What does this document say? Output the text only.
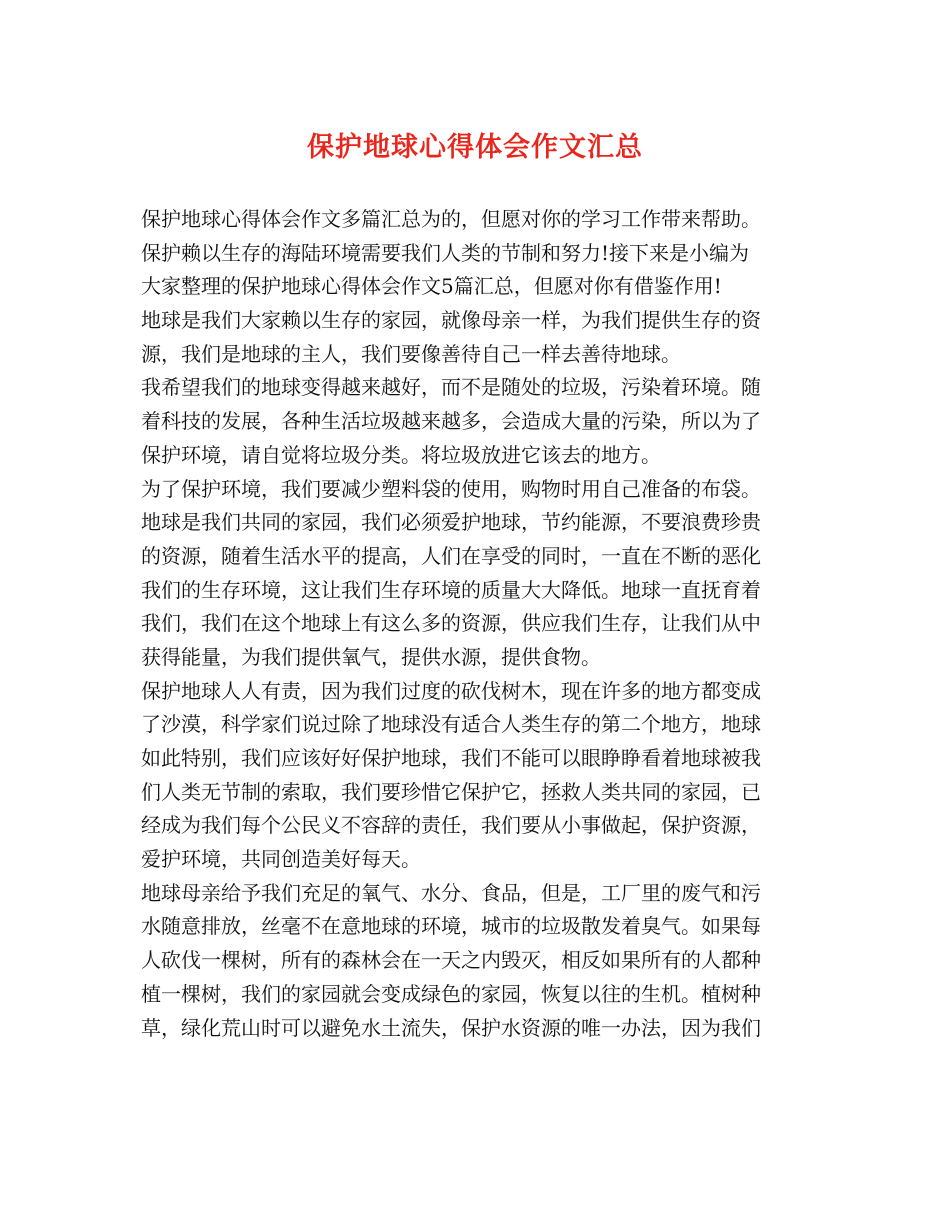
保护地球心得体会作文汇总
保护地球心得体会作文多篇汇总为的，但愿对你的学习工作带来帮助。
保护赖以生存的海陆环境需要我们人类的节制和努力!接下来是小编为
大家整理的保护地球心得体会作文5篇汇总，但愿对你有借鉴作用!
地球是我们大家赖以生存的家园，就像母亲一样，为我们提供生存的资
源，我们是地球的主人，我们要像善待自己一样去善待地球。
我希望我们的地球变得越来越好，而不是随处的垃圾，污染着环境。随
着科技的发展，各种生活垃圾越来越多，会造成大量的污染，所以为了
保护环境，请自觉将垃圾分类。将垃圾放进它该去的地方。
为了保护环境，我们要减少塑料袋的使用，购物时用自己准备的布袋。
地球是我们共同的家园，我们必须爱护地球，节约能源，不要浪费珍贵
的资源，随着生活水平的提高，人们在享受的同时，一直在不断的恶化
我们的生存环境，这让我们生存环境的质量大大降低。地球一直抚育着
我们，我们在这个地球上有这么多的资源，供应我们生存，让我们从中
获得能量，为我们提供氧气，提供水源，提供食物。
保护地球人人有责，因为我们过度的砍伐树木，现在许多的地方都变成
了沙漠，科学家们说过除了地球没有适合人类生存的第二个地方，地球
如此特别，我们应该好好保护地球，我们不能可以眼睁睁看着地球被我
们人类无节制的索取，我们要珍惜它保护它，拯救人类共同的家园，已
经成为我们每个公民义不容辞的责任，我们要从小事做起，保护资源，
爱护环境，共同创造美好每天。
地球母亲给予我们充足的氧气、水分、食品，但是，工厂里的废气和污
水随意排放，丝毫不在意地球的环境，城市的垃圾散发着臭气。如果每
人砍伐一棵树，所有的森林会在一天之内毁灭，相反如果所有的人都种
植一棵树，我们的家园就会变成绿色的家园，恢复以往的生机。植树种
草，绿化荒山时可以避免水土流失，保护水资源的唯一办法，因为我们
